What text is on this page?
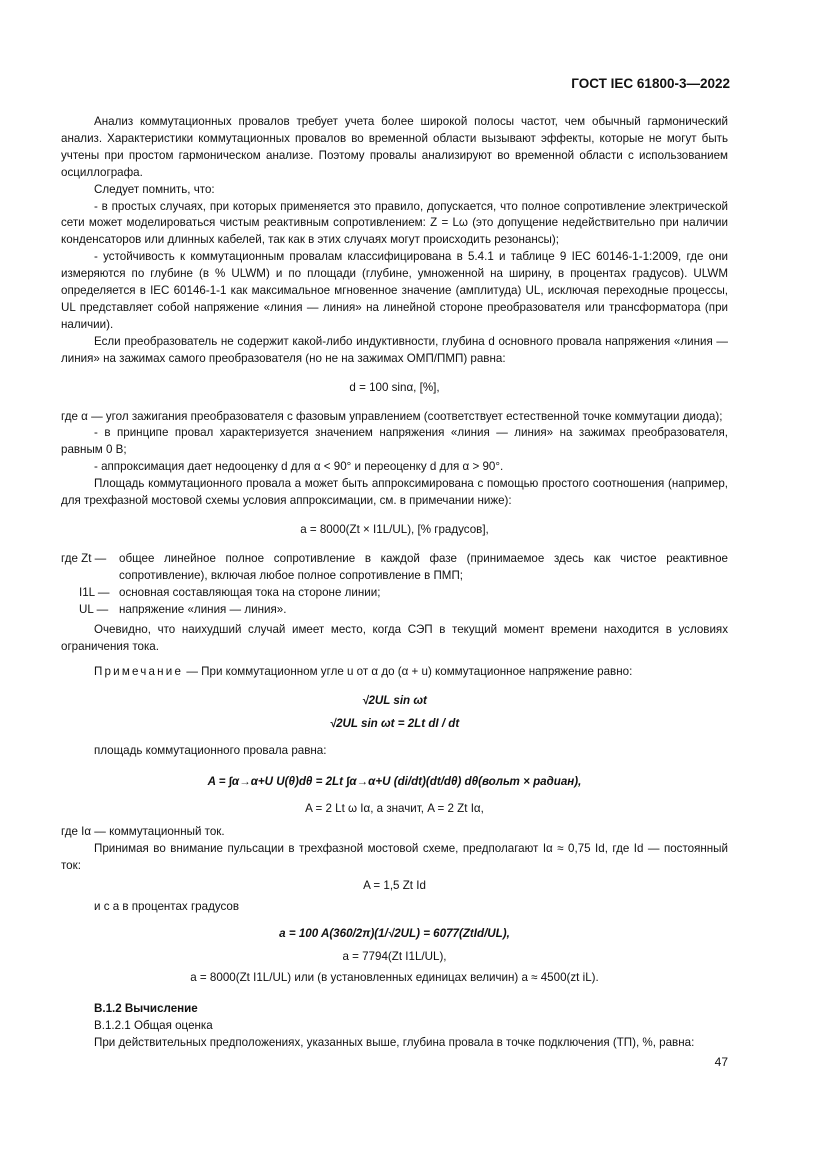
ГОСТ IEC 61800-3—2022

Анализ коммутационных провалов требует учета более широкой полосы частот, чем обычный гармонический анализ. Характеристики коммутационных провалов во временной области вызывают эффекты, которые не могут быть учтены при простом гармоническом анализе. Поэтому провалы анализируют во временной области с использованием осциллографа.

Следует помнить, что:

- в простых случаях, при которых применяется это правило, допускается, что полное сопротивление электрической сети может моделироваться чистым реактивным сопротивлением: Z = Lω (это допущение недействительно при наличии конденсаторов или длинных кабелей, так как в этих случаях могут происходить резонансы);

- устойчивость к коммутационным провалам классифицирована в 5.4.1 и таблице 9 IEC 60146-1-1:2009, где они измеряются по глубине (в % ULWM) и по площади (глубине, умноженной на ширину, в процентах градусов). ULWM определяется в IEC 60146-1-1 как максимальное мгновенное значение (амплитуда) UL, исключая переходные процессы, UL представляет собой напряжение «линия — линия» на линейной стороне преобразователя или трансформатора (при наличии).

Если преобразователь не содержит какой-либо индуктивности, глубина d основного провала напряжения «линия — линия» на зажимах самого преобразователя (но не на зажимах ОМП/ПМП) равна:

d = 100 sinα, [%],

где α — угол зажигания преобразователя с фазовым управлением (соответствует естественной точке коммутации диода);

- в принципе провал характеризуется значением напряжения «линия — линия» на зажимах преобразователя, равным 0 В;

- аппроксимация дает недооценку d для α < 90° и переоценку d для α > 90°.

Площадь коммутационного провала a может быть аппроксимирована с помощью простого соотношения (например, для трехфазной мостовой схемы условия аппроксимации, см. в примечании ниже):

a = 8000(Zt × I1L/UL), [% градусов],

где Zt —	общее линейное полное сопротивление в каждой фазе (принимаемое здесь как чистое реактивное сопротивление), включая любое полное сопротивление в ПМП;
I1L — основная составляющая тока на стороне линии;
UL — напряжение «линия — линия».

Очевидно, что наихудший случай имеет место, когда СЭП в текущий момент времени находится в условиях ограничения тока.

Примечание — При коммутационном угле u от α до (α + u) коммутационное напряжение равно:

√2UL sin ωt

√2UL sin ωt = 2Lt dI / dt

площадь коммутационного провала равна:

A = ∫α→α+U U(θ)dθ = 2Lt ∫α→α+U (di/dt)(dt/dθ) dθ(вольт × радиан),

A = 2 Lt ω Iα, а значит, A = 2 Zt Iα,

где Iα — коммутационный ток.

Принимая во внимание пульсации в трехфазной мостовой схеме, предполагают Iα ≈ 0,75 Id, где Id — постоянный ток:

A = 1,5 Zt Id

и с a в процентах градусов

a = 100 A(360/2π)(1/√2UL) = 6077(ZtId/UL),

a = 7794(Zt I1L/UL),

a = 8000(Zt I1L/UL) или (в установленных единицах величин) a ≈ 4500(zt iL).

В.1.2 Вычисление

В.1.2.1 Общая оценка

При действительных предположениях, указанных выше, глубина провала в точке подключения (ТП), %, равна:

47
